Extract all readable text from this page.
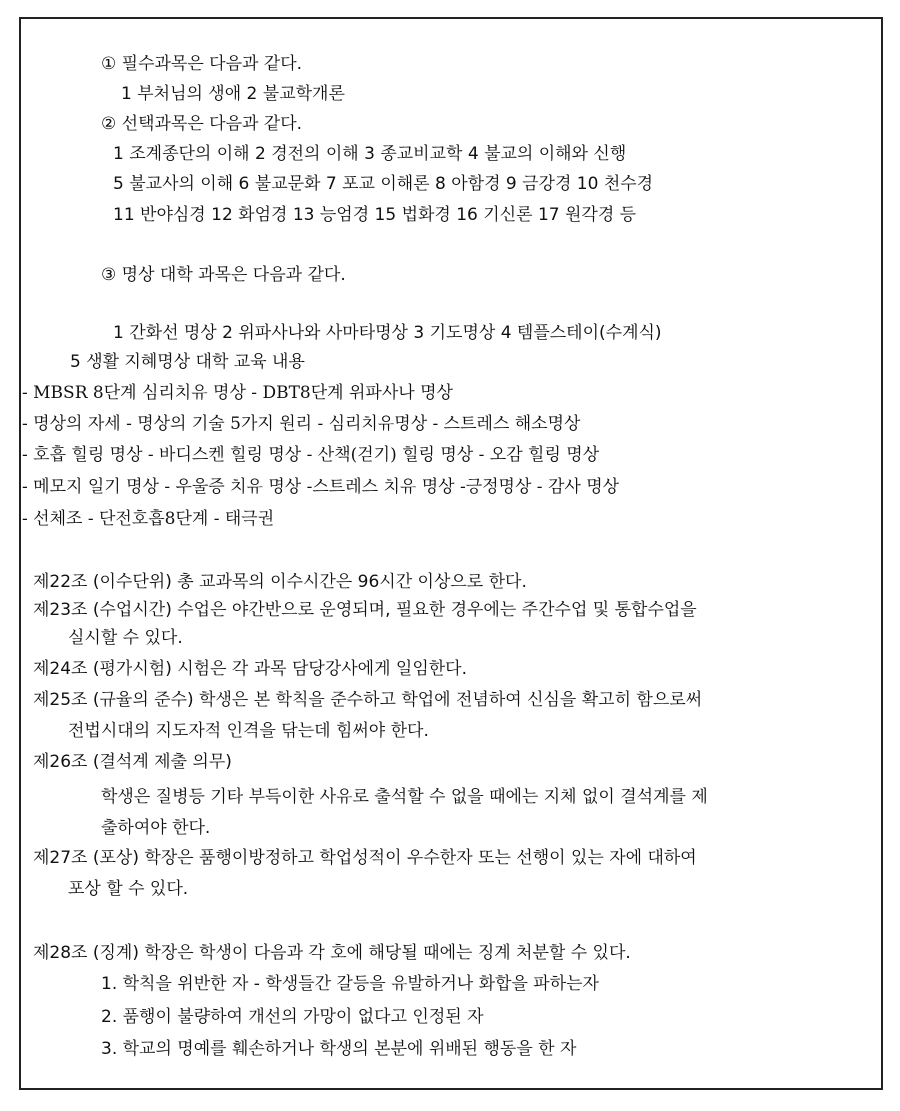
① 필수과목은 다음과 같다.
1 부처님의 생애 2 불교학개론
② 선택과목은 다음과 같다.
1 조계종단의 이해 2 경전의 이해 3 종교비교학 4 불교의 이해와 신행
5 불교사의 이해 6 불교문화 7 포교 이해론 8 아함경 9 금강경 10 천수경
11 반야심경 12 화엄경 13 능엄경 15 법화경 16 기신론 17 원각경 등
③ 명상 대학 과목은 다음과 같다.
1 간화선 명상 2 위파사나와 사마타명상 3 기도명상 4 템플스테이(수계식)
5 생활 지혜명상 대학 교육 내용
- MBSR 8단계 심리치유 명상 - DBT8단계 위파사나 명상
- 명상의 자세 - 명상의 기술 5가지 원리 - 심리치유명상 - 스트레스 해소명상
- 호흡 힐링 명상 - 바디스켄 힐링 명상 - 산책(걷기) 힐링 명상 - 오감 힐링 명상
- 메모지 일기 명상 - 우울증 치유 명상 -스트레스 치유 명상 -긍정명상 - 감사 명상
- 선체조 - 단전호흡8단계 - 태극권
제22조 (이수단위) 총 교과목의 이수시간은 96시간 이상으로 한다.
제23조 (수업시간) 수업은 야간반으로 운영되며, 필요한 경우에는 주간수업 및 통합수업을
실시할 수 있다.
제24조 (평가시험) 시험은 각 과목 담당강사에게 일임한다.
제25조 (규율의 준수) 학생은 본 학칙을 준수하고 학업에 전념하여 신심을 확고히 함으로써
전법시대의 지도자적 인격을 닦는데 힘써야 한다.
제26조 (결석계 제출 의무)
학생은 질병등 기타 부득이한 사유로 출석할 수 없을 때에는 지체 없이 결석계를 제
출하여야 한다.
제27조 (포상) 학장은 품행이방정하고 학업성적이 우수한자 또는 선행이 있는 자에 대하여
포상 할 수 있다.
제28조 (징계) 학장은 학생이 다음과 각 호에 해당될 때에는 징계 처분할 수 있다.
1. 학칙을 위반한 자 - 학생들간 갈등을 유발하거나 화합을 파하는자
2. 품행이 불량하여 개선의 가망이 없다고 인정된 자
3. 학교의 명예를 훼손하거나 학생의 본분에 위배된 행동을 한 자
